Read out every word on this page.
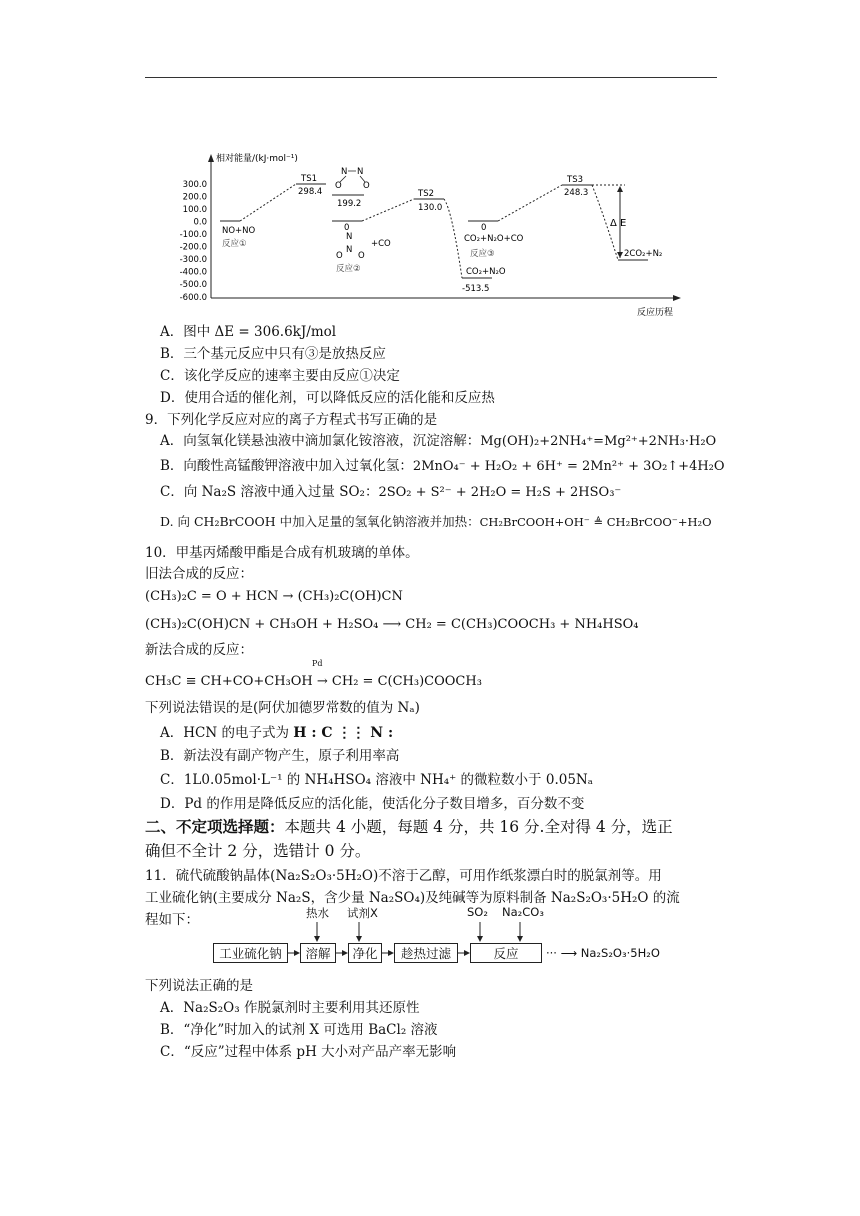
相对能量/(kJ·mol⁻¹)
反应历程
300.0
200.0
100.0
0.0
-100.0
-200.0
-300.0
-400.0
-500.0
-600.0
TS1
298.4
N N
O	O
199.2
NO+NO
反应①
0
N
N
O O
+CO
反应②
TS2
130.0
0
CO₂+N₂O+CO
反应③
CO₂+N₂O
-513.5
TS3
248.3
Δ E
2CO₂+N₂
A．图中 ΔE = 306.6kJ/mol
B．三个基元反应中只有③是放热反应
C．该化学反应的速率主要由反应①决定
D．使用合适的催化剂，可以降低反应的活化能和反应热
9．下列化学反应对应的离子方程式书写正确的是
A．向氢氧化镁悬浊液中滴加氯化铵溶液，沉淀溶解：Mg(OH)₂+2NH₄⁺=Mg²⁺+2NH₃·H₂O
B．向酸性高锰酸钾溶液中加入过氧化氢：2MnO₄⁻ + H₂O₂ + 6H⁺ = 2Mn²⁺ + 3O₂↑+4H₂O
C．向 Na₂S 溶液中通入过量 SO₂：2SO₂ + S²⁻ + 2H₂O = H₂S + 2HSO₃⁻
D. 向 CH₂BrCOOH 中加入足量的氢氧化钠溶液并加热：CH₂BrCOOH+OH⁻ ≜ CH₂BrCOO⁻+H₂O
10．甲基丙烯酸甲酯是合成有机玻璃的单体。
旧法合成的反应：
(CH₃)₂C = O + HCN → (CH₃)₂C(OH)CN
(CH₃)₂C(OH)CN + CH₃OH + H₂SO₄ ⟶ CH₂ = C(CH₃)COOCH₃ + NH₄HSO₄
新法合成的反应：
Pd
CH₃C ≡ CH+CO+CH₃OH → CH₂ = C(CH₃)COOCH₃
下列说法错误的是(阿伏加德罗常数的值为 Nₐ)
A．HCN 的电子式为 H : C ⋮⋮ N :
B．新法没有副产物产生，原子利用率高
C．1L0.05mol·L⁻¹ 的 NH₄HSO₄ 溶液中 NH₄⁺ 的微粒数小于 0.05Nₐ
D．Pd 的作用是降低反应的活化能，使活化分子数目增多，百分数不变
二、不定项选择题：本题共 4 小题，每题 4 分，共 16 分.全对得 4 分，选正
确但不全计 2 分，选错计 0 分。
11．硫代硫酸钠晶体(Na₂S₂O₃·5H₂O)不溶于乙醇，可用作纸浆漂白时的脱氯剂等。用
工业硫化钠(主要成分 Na₂S，含少量 Na₂SO₄)及纯碱等为原料制备 Na₂S₂O₃·5H₂O 的流
程如下：	热水 试剂X	SO₂ Na₂CO₃
工业硫化钠	溶解	净化	趁热过滤	反应	··· ⟶ Na₂S₂O₃·5H₂O
下列说法正确的是
A．Na₂S₂O₃ 作脱氯剂时主要利用其还原性
B．“净化”时加入的试剂 X 可选用 BaCl₂ 溶液
C．“反应”过程中体系 pH 大小对产品产率无影响
